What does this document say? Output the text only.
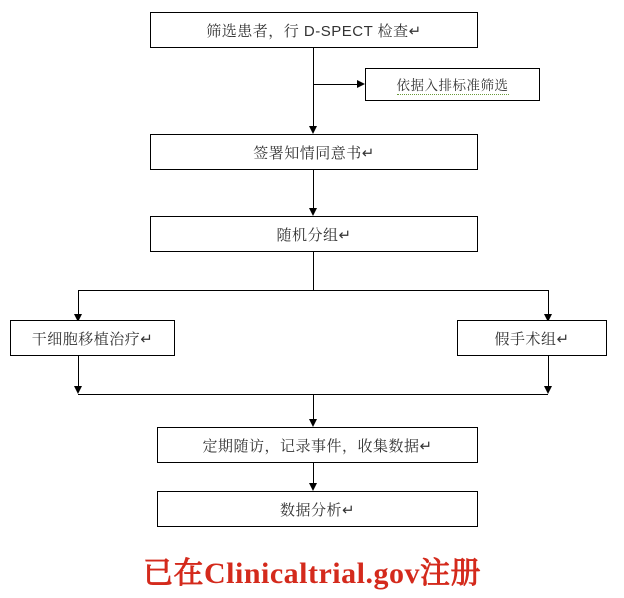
筛选患者，行 D-SPECT 检查↵
依据入排标准筛选
签署知情同意书↵
随机分组↵
干细胞移植治疗↵	假手术组↵
定期随访，记录事件，收集数据↵
数据分析↵
已在Clinicaltrial.gov注册
